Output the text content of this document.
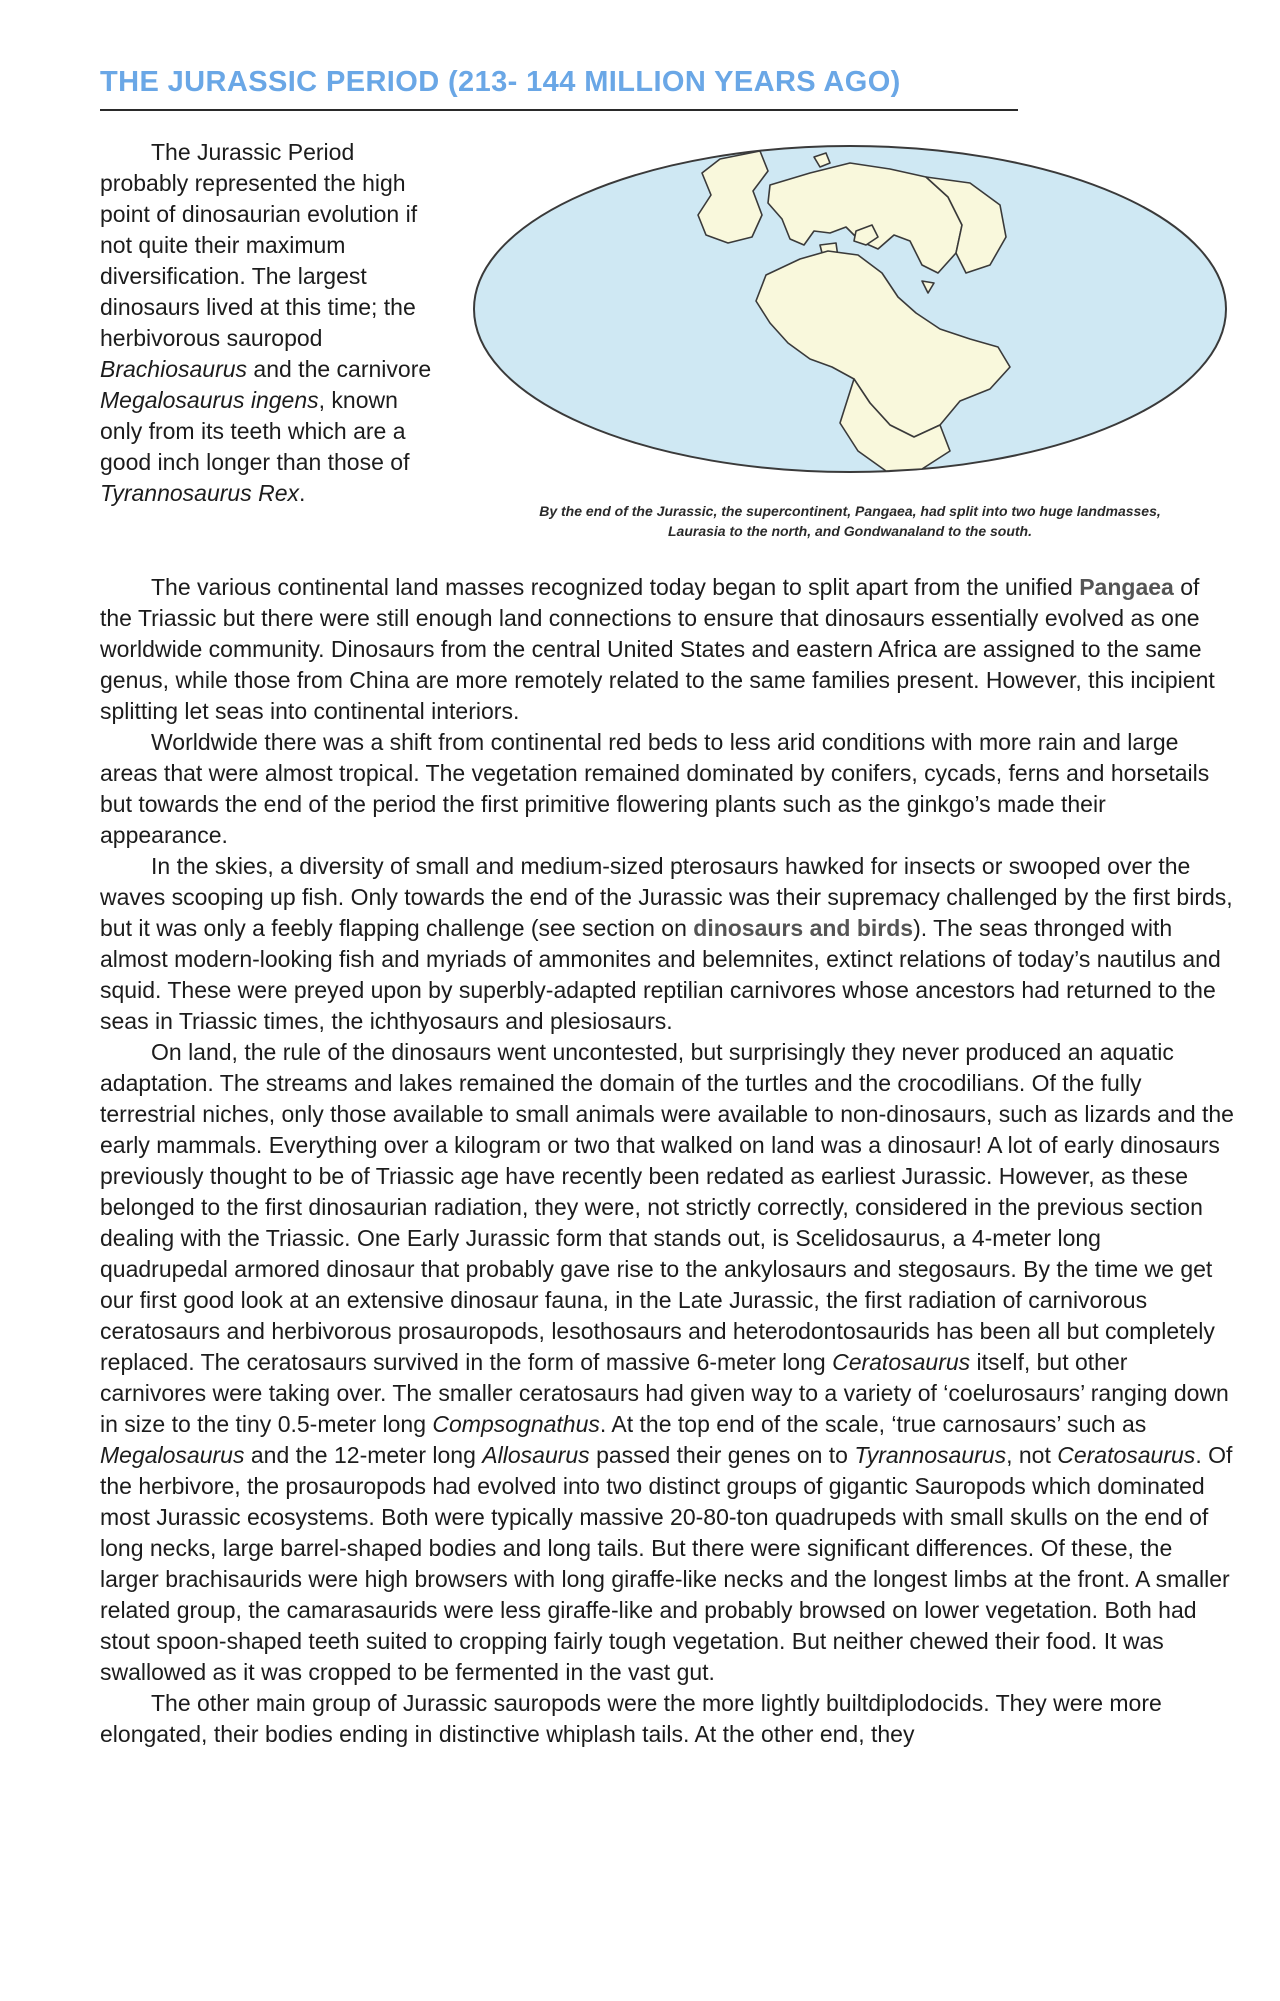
THE JURASSIC PERIOD (213- 144 MILLION YEARS AGO)

The Jurassic Period probably represented the high point of dinosaurian evolution if not quite their maximum diversification. The largest dinosaurs lived at this time; the herbivorous sauropod Brachiosaurus and the carnivore Megalosaurus ingens, known only from its teeth which are a good inch longer than those of Tyrannosaurus Rex.

By the end of the Jurassic, the supercontinent, Pangaea, had split into two huge landmasses,
Laurasia to the north, and Gondwanaland to the south.

The various continental land masses recognized today began to split apart from the unified Pangaea of the Triassic but there were still enough land connections to ensure that dinosaurs essentially evolved as one worldwide community. Dinosaurs from the central United States and eastern Africa are assigned to the same genus, while those from China are more remotely related to the same families present. However, this incipient splitting let seas into continental interiors.

Worldwide there was a shift from continental red beds to less arid conditions with more rain and large areas that were almost tropical. The vegetation remained dominated by conifers, cycads, ferns and horsetails but towards the end of the period the first primitive flowering plants such as the ginkgo’s made their appearance.

In the skies, a diversity of small and medium-sized pterosaurs hawked for insects or swooped over the waves scooping up fish. Only towards the end of the Jurassic was their supremacy challenged by the first birds, but it was only a feebly flapping challenge (see section on dinosaurs and birds). The seas thronged with almost modern-looking fish and myriads of ammonites and belemnites, extinct relations of today’s nautilus and squid. These were preyed upon by superbly-adapted reptilian carnivores whose ancestors had returned to the seas in Triassic times, the ichthyosaurs and plesiosaurs.

On land, the rule of the dinosaurs went uncontested, but surprisingly they never produced an aquatic adaptation. The streams and lakes remained the domain of the turtles and the crocodilians. Of the fully terrestrial niches, only those available to small animals were available to non-dinosaurs, such as lizards and the early mammals. Everything over a kilogram or two that walked on land was a dinosaur! A lot of early dinosaurs previously thought to be of Triassic age have recently been redated as earliest Jurassic. However, as these belonged to the first dinosaurian radiation, they were, not strictly correctly, considered in the previous section dealing with the Triassic. One Early Jurassic form that stands out, is Scelidosaurus, a 4-meter long quadrupedal armored dinosaur that probably gave rise to the ankylosaurs and stegosaurs. By the time we get our first good look at an extensive dinosaur fauna, in the Late Jurassic, the first radiation of carnivorous ceratosaurs and herbivorous prosauropods, lesothosaurs and heterodontosaurids has been all but completely replaced. The ceratosaurs survived in the form of massive 6-meter long Ceratosaurus itself, but other carnivores were taking over. The smaller ceratosaurs had given way to a variety of ‘coelurosaurs’ ranging down in size to the tiny 0.5-meter long Compsognathus. At the top end of the scale, ‘true carnosaurs’ such as Megalosaurus and the 12-meter long Allosaurus passed their genes on to Tyrannosaurus, not Ceratosaurus. Of the herbivore, the prosauropods had evolved into two distinct groups of gigantic Sauropods which dominated most Jurassic ecosystems. Both were typically massive 20-80-ton quadrupeds with small skulls on the end of long necks, large barrel-shaped bodies and long tails. But there were significant differences. Of these, the larger brachisaurids were high browsers with long giraffe-like necks and the longest limbs at the front. A smaller related group, the camarasaurids were less giraffe-like and probably browsed on lower vegetation. Both had stout spoon-shaped teeth suited to cropping fairly tough vegetation. But neither chewed their food. It was swallowed as it was cropped to be fermented in the vast gut.

The other main group of Jurassic sauropods were the more lightly builtdiplodocids. They were more elongated, their bodies ending in distinctive whiplash tails. At the other end, they
